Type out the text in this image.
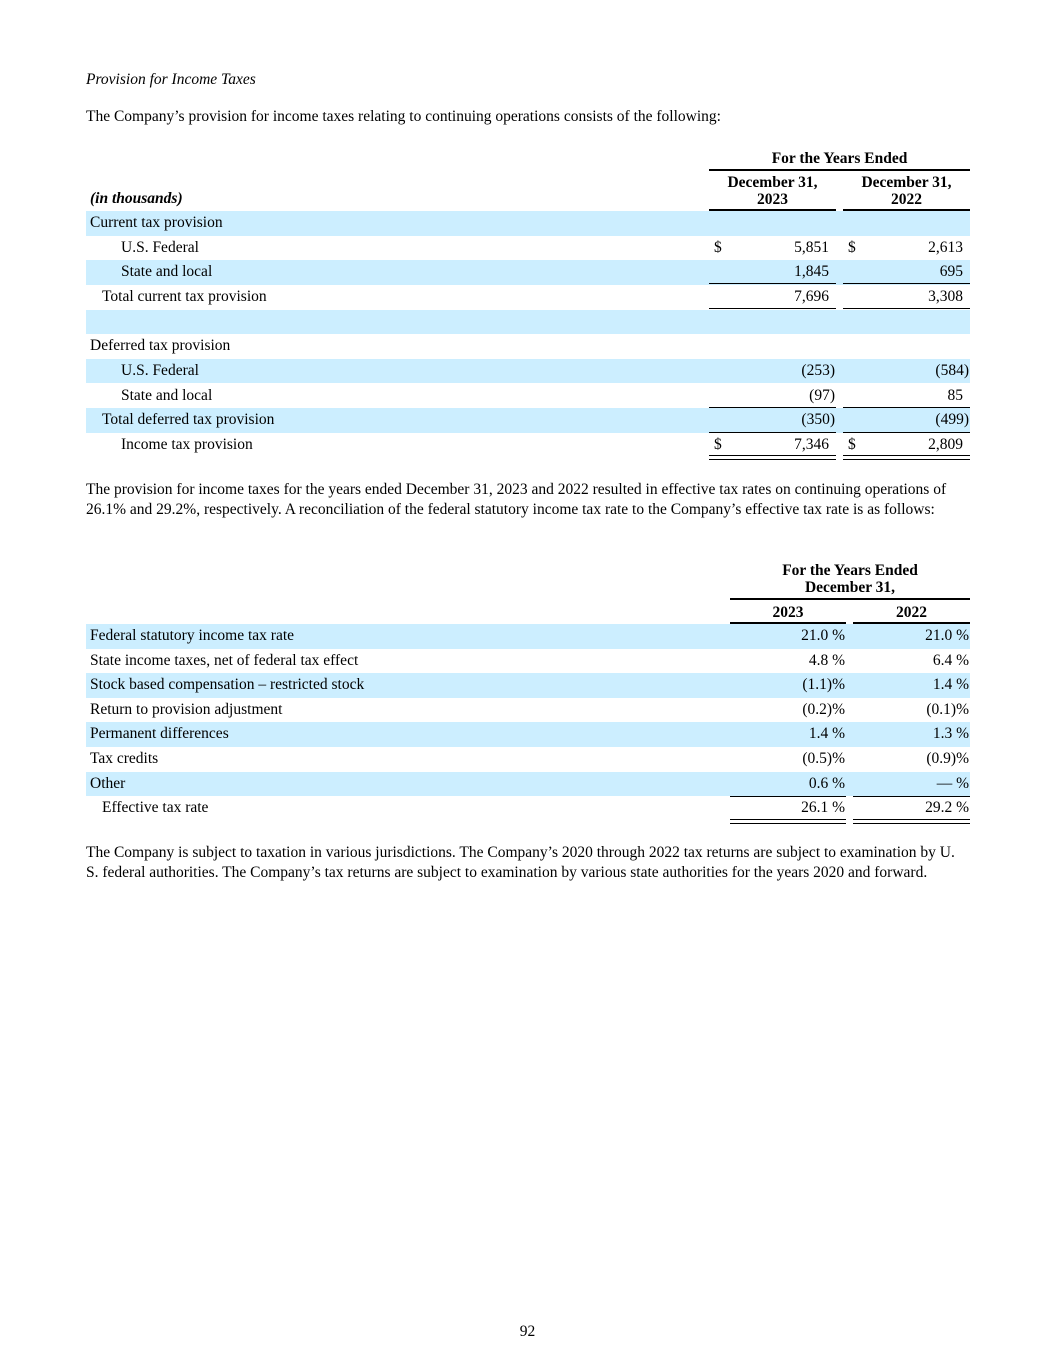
Provision for Income Taxes
The Company’s provision for income taxes relating to continuing operations consists of the following:
For the Years Ended
December 31,
2023
December 31,
2022
(in thousands)
Current tax provision
U.S. Federal	$	5,851 $	2,613
State and local	1,845	695
Total current tax provision	7,696	3,308
Deferred tax provision
U.S. Federal	(253)	(584)
State and local	(97)	85
Total deferred tax provision	(350)	(499)
Income tax provision	$	7,346 $	2,809
The provision for income taxes for the years ended December 31, 2023 and 2022 resulted in effective tax rates on continuing operations of 26.1% and 29.2%, respectively. A reconciliation of the federal statutory income tax rate to the Company’s effective tax rate is as follows:
For the Years Ended
December 31,
2023	2022
Federal statutory income tax rate	21.0 %	21.0 %
State income taxes, net of federal tax effect	4.8 %	6.4 %
Stock based compensation – restricted stock	(1.1)%	1.4 %
Return to provision adjustment	(0.2)%	(0.1)%
Permanent differences	1.4 %	1.3 %
Tax credits	(0.5)%	(0.9)%
Other	0.6 %	— %
Effective tax rate	26.1 %	29.2 %
The Company is subject to taxation in various jurisdictions. The Company’s 2020 through 2022 tax returns are subject to examination by U. S. federal authorities. The Company’s tax returns are subject to examination by various state authorities for the years 2020 and forward.
92
